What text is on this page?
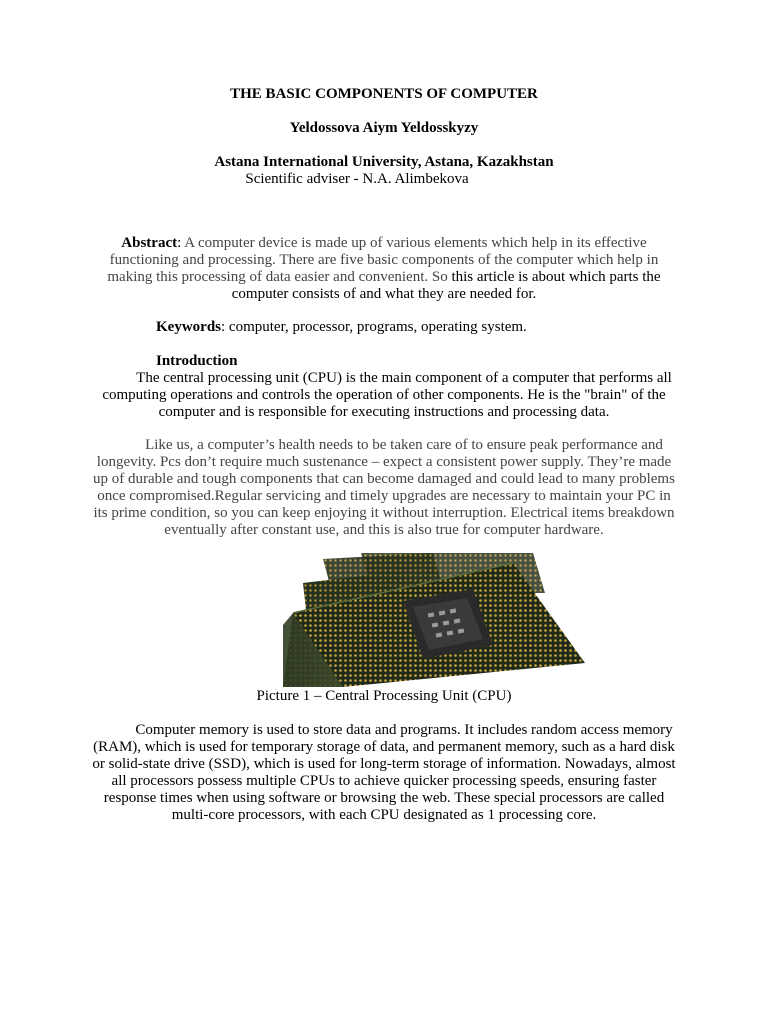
THE BASIC COMPONENTS OF COMPUTER
Yeldossova Aiym Yeldosskyzy
Astana International University, Astana, Kazakhstan
Scientific adviser - N.A. Alimbekova
Abstract: A computer device is made up of various elements which help in its effective
functioning and processing. There are five basic components of the computer which help in
making this processing of data easier and convenient. So this article is about which parts the
computer consists of and what they are needed for.
Keywords: computer, processor, programs, operating system.
Introduction
The central processing unit (CPU) is the main component of a computer that performs all
computing operations and controls the operation of other components. He is the "brain" of the
computer and is responsible for executing instructions and processing data.
Like us, a computer’s health needs to be taken care of to ensure peak performance and
longevity. Pcs don’t require much sustenance – expect a consistent power supply. They’re made
up of durable and tough components that can become damaged and could lead to many problems
once compromised.Regular servicing and timely upgrades are necessary to maintain your PC in
its prime condition, so you can keep enjoying it without interruption. Electrical items breakdown
eventually after constant use, and this is also true for computer hardware.
Picture 1 – Central Processing Unit (CPU)
Computer memory is used to store data and programs. It includes random access memory
(RAM), which is used for temporary storage of data, and permanent memory, such as a hard disk
or solid-state drive (SSD), which is used for long-term storage of information. Nowadays, almost
all processors possess multiple CPUs to achieve quicker processing speeds, ensuring faster
response times when using software or browsing the web. These special processors are called
multi-core processors, with each CPU designated as 1 processing core.
